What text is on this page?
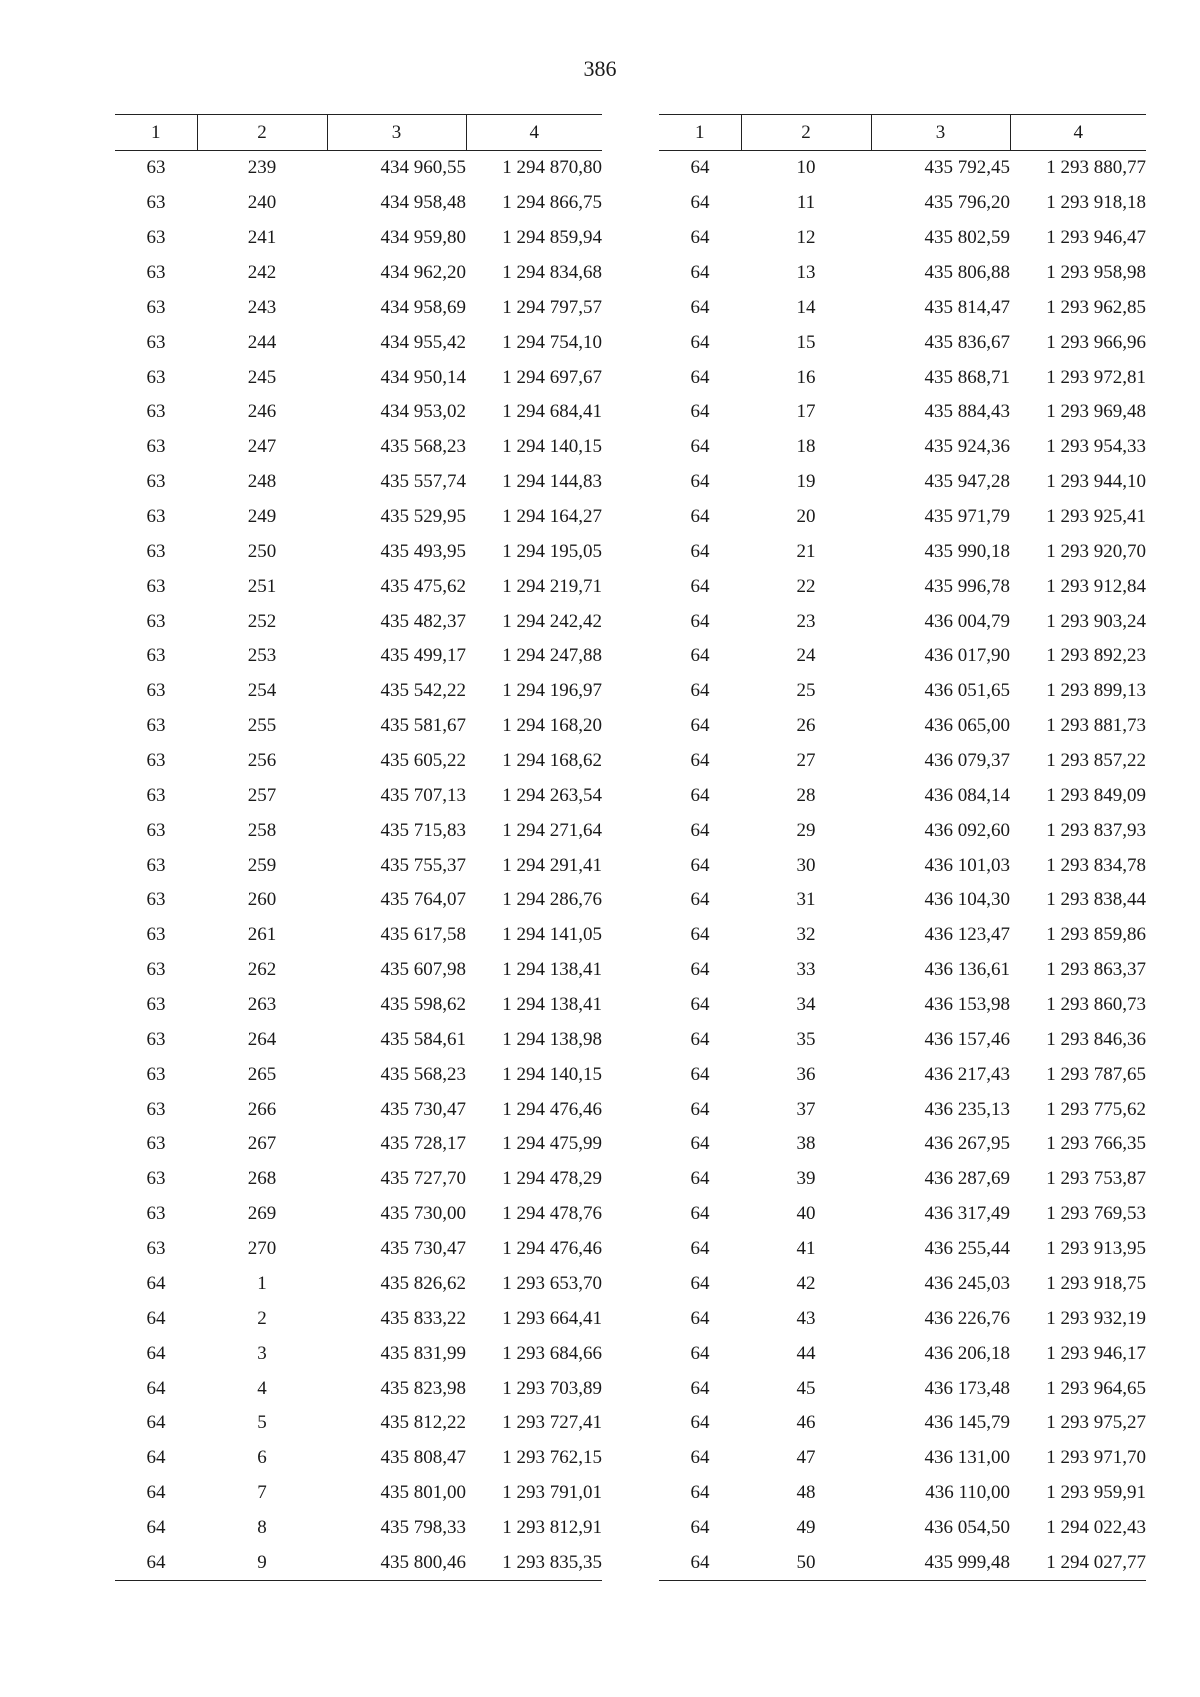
386
1	2	3	4
63	239	434 960,55	1 294 870,80
63	240	434 958,48	1 294 866,75
63	241	434 959,80	1 294 859,94
63	242	434 962,20	1 294 834,68
63	243	434 958,69	1 294 797,57
63	244	434 955,42	1 294 754,10
63	245	434 950,14	1 294 697,67
63	246	434 953,02	1 294 684,41
63	247	435 568,23	1 294 140,15
63	248	435 557,74	1 294 144,83
63	249	435 529,95	1 294 164,27
63	250	435 493,95	1 294 195,05
63	251	435 475,62	1 294 219,71
63	252	435 482,37	1 294 242,42
63	253	435 499,17	1 294 247,88
63	254	435 542,22	1 294 196,97
63	255	435 581,67	1 294 168,20
63	256	435 605,22	1 294 168,62
63	257	435 707,13	1 294 263,54
63	258	435 715,83	1 294 271,64
63	259	435 755,37	1 294 291,41
63	260	435 764,07	1 294 286,76
63	261	435 617,58	1 294 141,05
63	262	435 607,98	1 294 138,41
63	263	435 598,62	1 294 138,41
63	264	435 584,61	1 294 138,98
63	265	435 568,23	1 294 140,15
63	266	435 730,47	1 294 476,46
63	267	435 728,17	1 294 475,99
63	268	435 727,70	1 294 478,29
63	269	435 730,00	1 294 478,76
63	270	435 730,47	1 294 476,46
64	1	435 826,62	1 293 653,70
64	2	435 833,22	1 293 664,41
64	3	435 831,99	1 293 684,66
64	4	435 823,98	1 293 703,89
64	5	435 812,22	1 293 727,41
64	6	435 808,47	1 293 762,15
64	7	435 801,00	1 293 791,01
64	8	435 798,33	1 293 812,91
64	9	435 800,46	1 293 835,35
1	2	3	4
64	10	435 792,45	1 293 880,77
64	11	435 796,20	1 293 918,18
64	12	435 802,59	1 293 946,47
64	13	435 806,88	1 293 958,98
64	14	435 814,47	1 293 962,85
64	15	435 836,67	1 293 966,96
64	16	435 868,71	1 293 972,81
64	17	435 884,43	1 293 969,48
64	18	435 924,36	1 293 954,33
64	19	435 947,28	1 293 944,10
64	20	435 971,79	1 293 925,41
64	21	435 990,18	1 293 920,70
64	22	435 996,78	1 293 912,84
64	23	436 004,79	1 293 903,24
64	24	436 017,90	1 293 892,23
64	25	436 051,65	1 293 899,13
64	26	436 065,00	1 293 881,73
64	27	436 079,37	1 293 857,22
64	28	436 084,14	1 293 849,09
64	29	436 092,60	1 293 837,93
64	30	436 101,03	1 293 834,78
64	31	436 104,30	1 293 838,44
64	32	436 123,47	1 293 859,86
64	33	436 136,61	1 293 863,37
64	34	436 153,98	1 293 860,73
64	35	436 157,46	1 293 846,36
64	36	436 217,43	1 293 787,65
64	37	436 235,13	1 293 775,62
64	38	436 267,95	1 293 766,35
64	39	436 287,69	1 293 753,87
64	40	436 317,49	1 293 769,53
64	41	436 255,44	1 293 913,95
64	42	436 245,03	1 293 918,75
64	43	436 226,76	1 293 932,19
64	44	436 206,18	1 293 946,17
64	45	436 173,48	1 293 964,65
64	46	436 145,79	1 293 975,27
64	47	436 131,00	1 293 971,70
64	48	436 110,00	1 293 959,91
64	49	436 054,50	1 294 022,43
64	50	435 999,48	1 294 027,77
